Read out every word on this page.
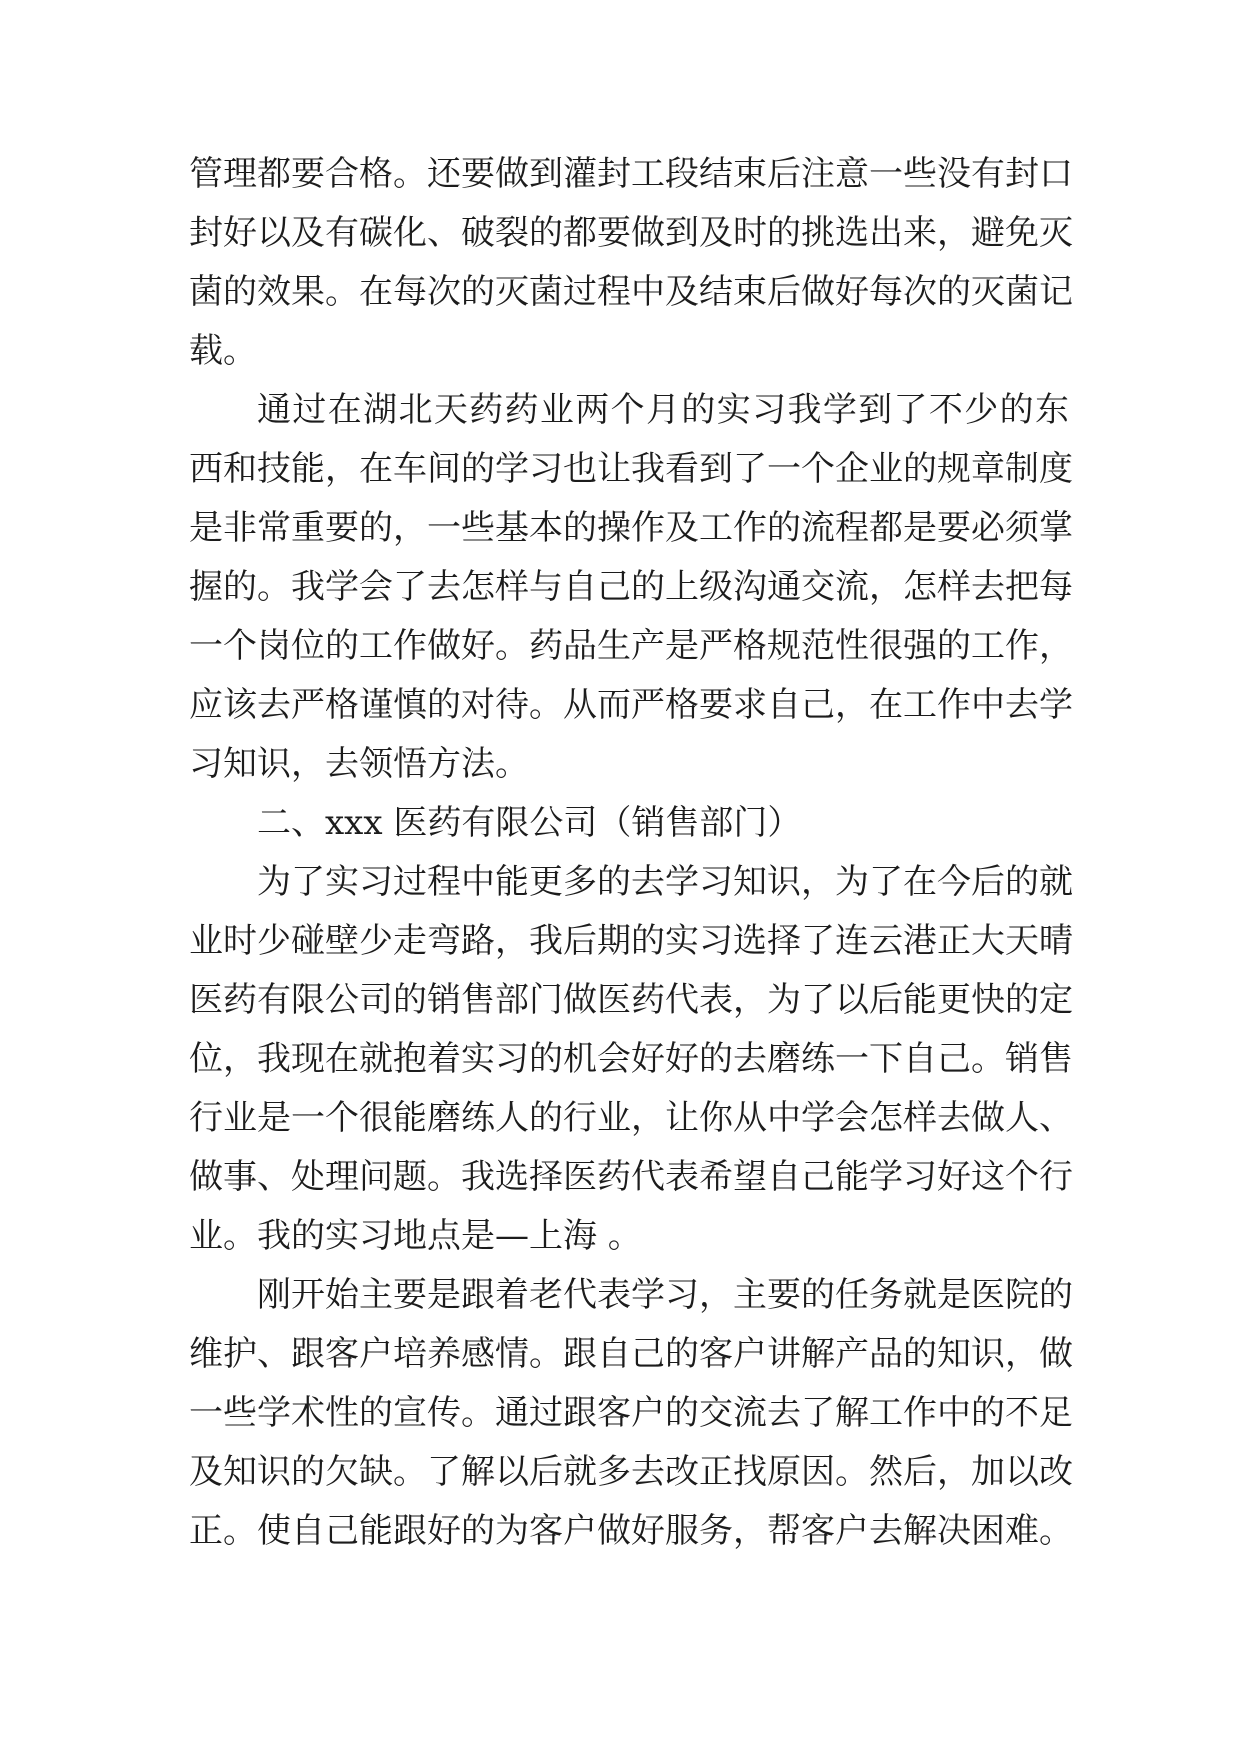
管理都要合格。还要做到灌封工段结束后注意一些没有封口
封好以及有碳化、破裂的都要做到及时的挑选出来，避免灭
菌的效果。在每次的灭菌过程中及结束后做好每次的灭菌记
载。
通过在湖北天药药业两个月的实习我学到了不少的东
西和技能，在车间的学习也让我看到了一个企业的规章制度
是非常重要的，一些基本的操作及工作的流程都是要必须掌
握的。我学会了去怎样与自己的上级沟通交流，怎样去把每
一个岗位的工作做好。药品生产是严格规范性很强的工作，
应该去严格谨慎的对待。从而严格要求自己，在工作中去学
习知识，去领悟方法。
二、xxx 医药有限公司（销售部门）
为了实习过程中能更多的去学习知识，为了在今后的就
业时少碰壁少走弯路，我后期的实习选择了连云港正大天晴
医药有限公司的销售部门做医药代表，为了以后能更快的定
位，我现在就抱着实习的机会好好的去磨练一下自己。销售
行业是一个很能磨练人的行业，让你从中学会怎样去做人、
做事、处理问题。我选择医药代表希望自己能学习好这个行
业。我的实习地点是—上海 。
刚开始主要是跟着老代表学习，主要的任务就是医院的
维护、跟客户培养感情。跟自己的客户讲解产品的知识，做
一些学术性的宣传。通过跟客户的交流去了解工作中的不足
及知识的欠缺。了解以后就多去改正找原因。然后，加以改
正。使自己能跟好的为客户做好服务，帮客户去解决困难。
